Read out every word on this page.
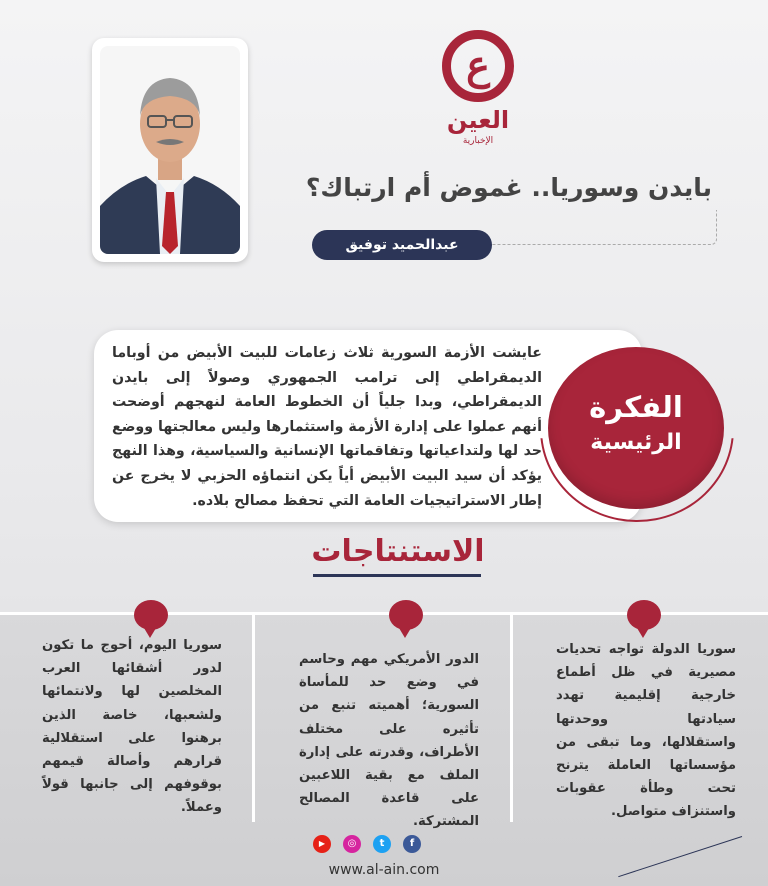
ع
العين
الإخبارية
بايدن وسوريا.. غموض أم ارتباك؟
عبدالحميد توفيق
عايشت الأزمة السورية ثلاث زعامات للبيت الأبيض من أوباما الديمقراطي إلى ترامب الجمهوري وصولاً إلى بايدن الديمقراطي، وبدا جلياً أن الخطوط العامة لنهجهم أوضحت أنهم عملوا على إدارة الأزمة واستثمارها وليس معالجتها ووضع حد لها ولتداعياتها وتفاقماتها الإنسانية والسياسية، وهذا النهج يؤكد أن سيد البيت الأبيض أياً يكن انتماؤه الحزبي لا يخرج عن إطار الاستراتيجيات العامة التي تحفظ مصالح بلاده.
الفكرة
الرئيسية
الاستنتاجات
سوريا الدولة تواجه تحديات مصيرية في ظل أطماع خارجية إقليمية تهدد سيادتها ووحدتها واستقلالها، وما تبقى من مؤسساتها العاملة يترنح تحت وطأة عقوبات واستنزاف متواصل.
الدور الأمريكي مهم وحاسم في وضع حد للمأساة السورية؛ أهميته تنبع من تأثيره على مختلف الأطراف، وقدرته على إدارة الملف مع بقية اللاعبين على قاعدة المصالح المشتركة.
سوريا اليوم، أحوج ما تكون لدور أشقائها العرب المخلصين لها ولانتمائها ولشعبها، خاصة الذين برهنوا على استقلالية قرارهم وأصالة قيمهم بوقوفهم إلى جانبها قولاً وعملاً.
f
t
◎
▶
www.al-ain.com
